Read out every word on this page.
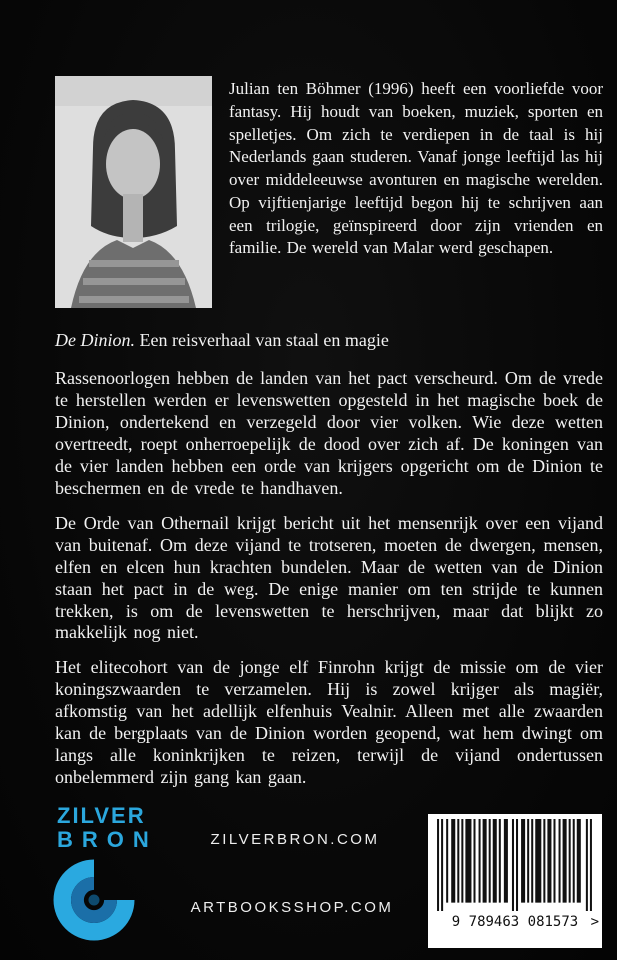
Julian ten Böhmer (1996) heeft een voorliefde voor fantasy. Hij houdt van boeken, muziek, sporten en spelletjes. Om zich te verdiepen in de taal is hij Nederlands gaan studeren. Vanaf jonge leeftijd las hij over middeleeuwse avonturen en magische werelden. Op vijftienjarige leeftijd begon hij te schrijven aan een trilogie, geïnspireerd door zijn vrienden en familie. De wereld van Malar werd geschapen.

De Dinion. Een reisverhaal van staal en magie

Rassenoorlogen hebben de landen van het pact verscheurd. Om de vrede te herstellen werden er levenswetten opgesteld in het magische boek de Dinion, ondertekend en verzegeld door vier volken. Wie deze wetten overtreedt, roept onherroepelijk de dood over zich af. De koningen van de vier landen hebben een orde van krijgers opgericht om de Dinion te beschermen en de vrede te handhaven.

De Orde van Othernail krijgt bericht uit het mensenrijk over een vijand van buitenaf. Om deze vijand te trotseren, moeten de dwergen, mensen, elfen en elcen hun krachten bundelen. Maar de wetten van de Dinion staan het pact in de weg. De enige manier om ten strijde te kunnen trekken, is om de levenswetten te herschrijven, maar dat blijkt zo makkelijk nog niet.

Het elitecohort van de jonge elf Finrohn krijgt de missie om de vier koningszwaarden te verzamelen. Hij is zowel krijger als magiër, afkomstig van het adellijk elfenhuis Vealnir. Alleen met alle zwaarden kan de bergplaats van de Dinion worden geopend, wat hem dwingt om langs alle koninkrijken te reizen, terwijl de vijand ondertussen onbelemmerd zijn gang kan gaan.

ZILVER
BRON	ZILVERBRON.COM
ARTBOOKSSHOP.COM
9 789463 081573 >
